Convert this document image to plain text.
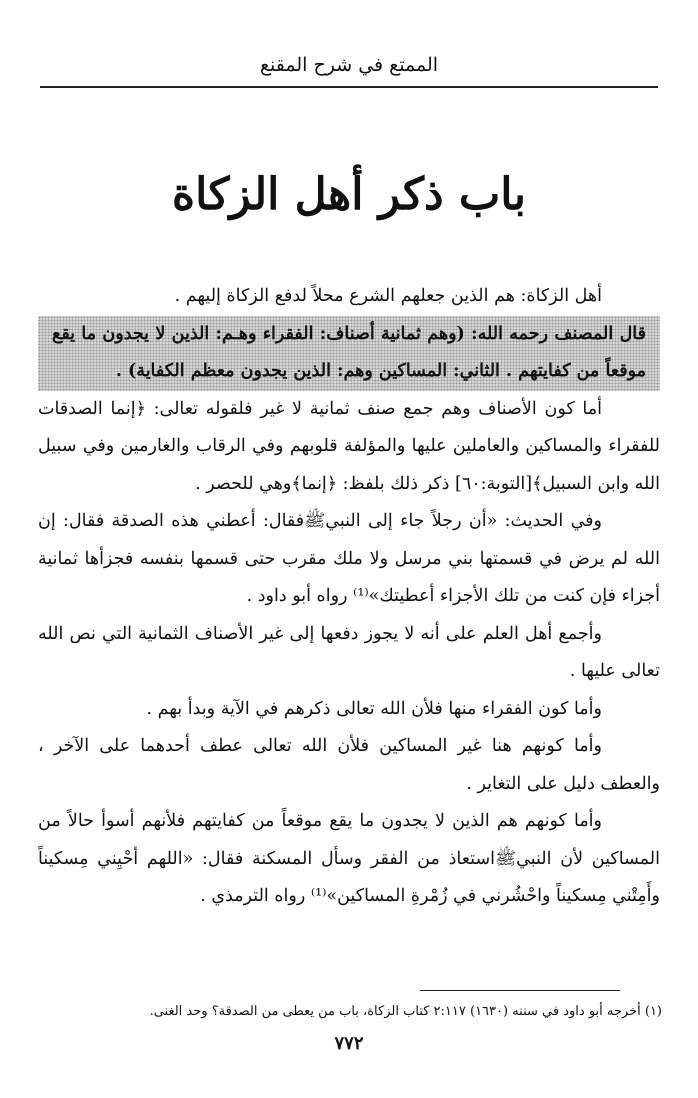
الممتع في شرح المقنع
باب ذكر أهل الزكاة

أهل الزكاة: هم الذين جعلهم الشرع محلاً لدفع الزكاة إليهم .

قال المصنف رحمه الله: (وهم ثمانية أصناف: الفقراء وهـم: الذين لا يجدون ما يقع موقعاً من كفايتهم . الثاني: المساكين وهم: الذين يجدون معظم الكفاية) .

أما كون الأصناف وهم جمع صنف ثمانية لا غير فلقوله تعالى: ﴿إنما الصدقات للفقراء والمساكين والعاملين عليها والمؤلفة قلوبهم وفي الرقاب والغارمين وفي سبيل الله وابن السبيل﴾[التوبة:٦٠] ذكر ذلك بلفظ: ﴿إنما﴾وهي للحصر .

وفي الحديث: «أن رجلاً جاء إلى النبيﷺفقال: أعطني هذه الصدقة فقال: إن الله لم يرض في قسمتها بني مرسل ولا ملك مقرب حتى قسمها بنفسه فجزأها ثمانية أجزاء فإن كنت من تلك الأجزاء أعطيتك»⁽¹⁾ رواه أبو داود .

وأجمع أهل العلم على أنه لا يجوز دفعها إلى غير الأصناف الثمانية التي نص الله تعالى عليها .

وأما كون الفقراء منها فلأن الله تعالى ذكرهم في الآية وبدأ بهم .

وأما كونهم هنا غير المساكين فلأن الله تعالى عطف أحدهما على الآخر ، والعطف دليل على التغاير .

وأما كونهم هم الذين لا يجدون ما يقع موقعاً من كفايتهم فلأنهم أسوأ حالاً من المساكين لأن النبيﷺاستعاذ من الفقر وسأل المسكنة فقال: «اللهم أحْيِني مِسكيناً وأَمِتْني مِسكيناً واحْشُرني في زُمْرةِ المساكين»⁽¹⁾ رواه الترمذي .

(١) أخرجه أبو داود في سننه (١٦٣٠) ٢:١١٧ كتاب الزكاة، باب من يعطى من الصدقة؟ وحد الغنى.
٧٧٢
